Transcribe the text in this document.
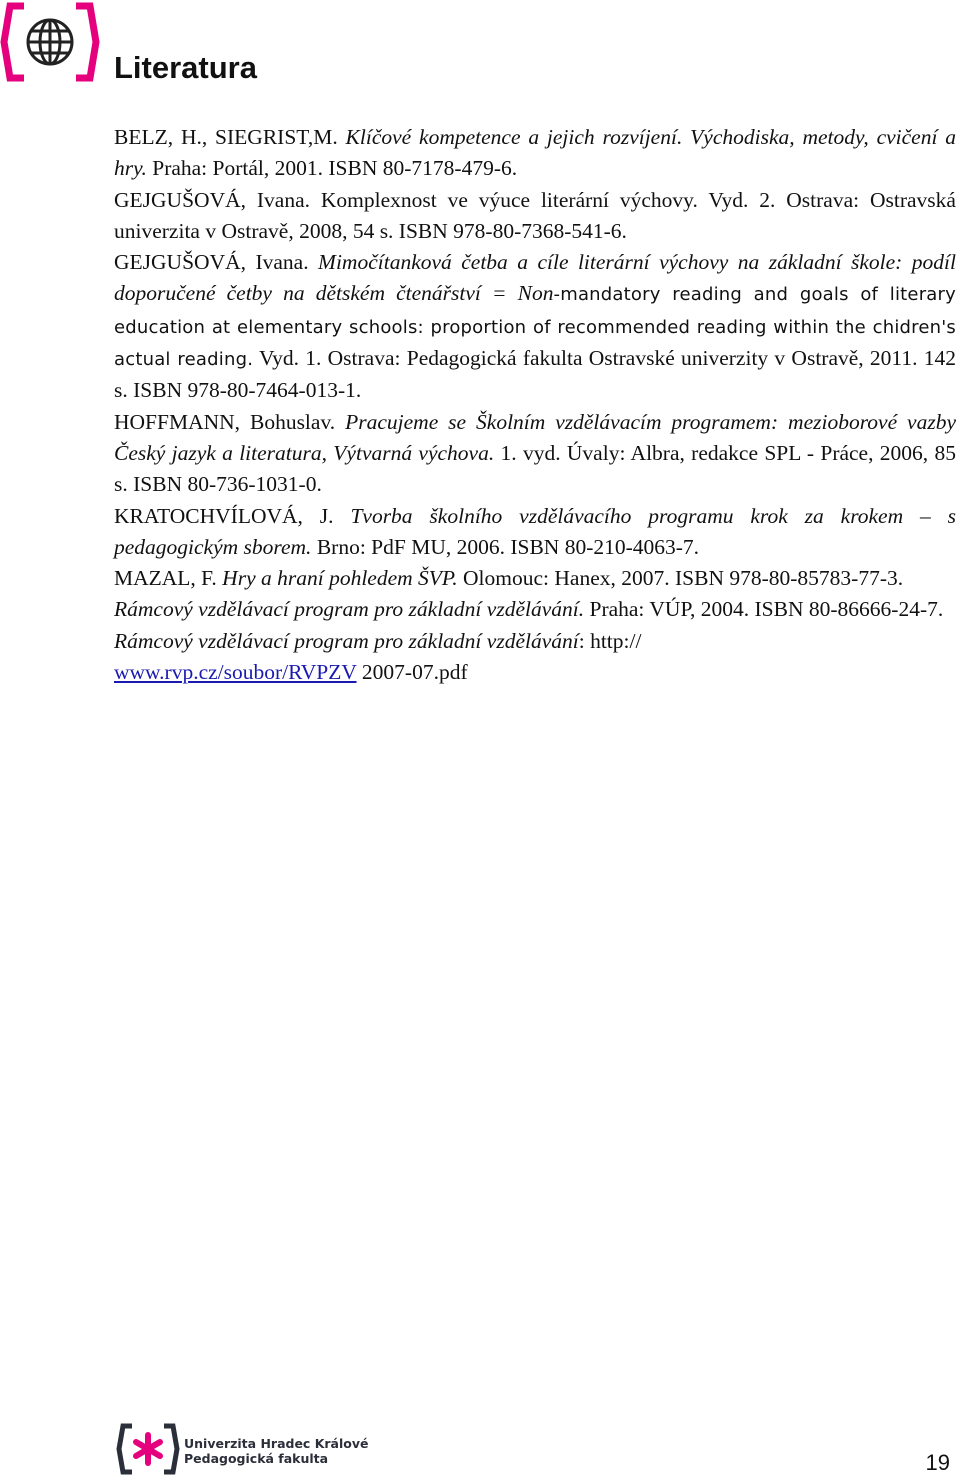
Literatura

BELZ, H., SIEGRIST,M. Klíčové kompetence a jejich rozvíjení. Východiska, metody, cvičení a hry. Praha: Portál, 2001. ISBN 80-7178-479-6.

GEJGUŠOVÁ, Ivana. Komplexnost ve výuce literární výchovy. Vyd. 2. Ostrava: Ostravská univerzita v Ostravě, 2008, 54 s. ISBN 978-80-7368-541-6.

GEJGUŠOVÁ, Ivana. Mimočítanková četba a cíle literární výchovy na základní škole: podíl doporučené četby na dětském čtenářství = Non-mandatory reading and goals of literary education at elementary schools: proportion of recommended reading within the chidren's actual reading. Vyd. 1. Ostrava: Pedagogická fakulta Ostravské univerzity v Ostravě, 2011. 142 s. ISBN 978-80-7464-013-1.

HOFFMANN, Bohuslav. Pracujeme se Školním vzdělávacím programem: mezioborové vazby Český jazyk a literatura, Výtvarná výchova. 1. vyd. Úvaly: Albra, redakce SPL - Práce, 2006, 85 s. ISBN 80-736-1031-0.

KRATOCHVÍLOVÁ, J. Tvorba školního vzdělávacího programu krok za krokem – s pedagogickým sborem. Brno: PdF MU, 2006. ISBN 80-210-4063-7.

MAZAL, F. Hry a hraní pohledem ŠVP. Olomouc: Hanex, 2007. ISBN 978-80-85783-77-3.

Rámcový vzdělávací program pro základní vzdělávání. Praha: VÚP, 2004. ISBN 80-86666-24-7.

Rámcový vzdělávací program pro základní vzdělávání: http://
www.rvp.cz/soubor/RVPZV 2007-07.pdf

Univerzita Hradec Králové
Pedagogická fakulta	19
